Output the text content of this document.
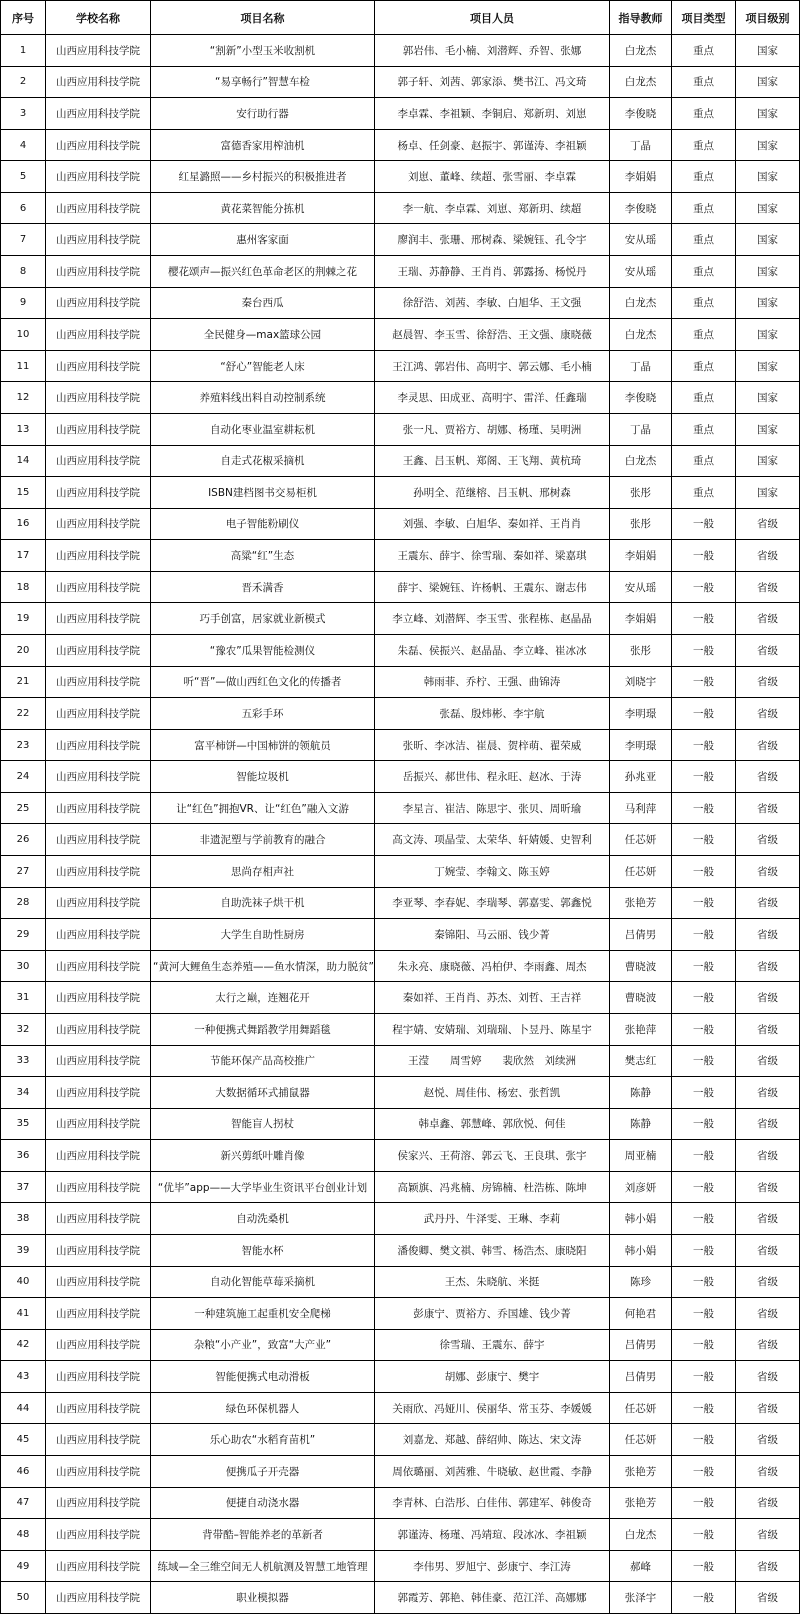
序号	学校名称	项目名称	项目人员	指导教师	项目类型	项目级别
1	山西应用科技学院	“割新”小型玉米收割机	郭岩伟、毛小楠、刘潜辉、乔智、张娜	白龙杰	重点	国家
2	山西应用科技学院	“易享畅行”智慧车检	郭子轩、刘茜、郭家添、樊书江、冯文琦	白龙杰	重点	国家
3	山西应用科技学院	安行助行器	李卓霖、李祖颖、李铜启、郑新玥、刘崽	李俊晓	重点	国家
4	山西应用科技学院	富德香家用榨油机	杨卓、任剑豪、赵振宇、郭谨涛、李祖颖	丁晶	重点	国家
5	山西应用科技学院	红星潞照——乡村振兴的积极推进者	刘崽、董峰、续超、张雪丽、李卓霖	李娟娟	重点	国家
6	山西应用科技学院	黄花菜智能分拣机	李一航、李卓霖、刘崽、郑新玥、续超	李俊晓	重点	国家
7	山西应用科技学院	惠州客家面	廖润丰、张珊、邢树森、梁婉钰、孔令宇	安从瑶	重点	国家
8	山西应用科技学院	樱花颂声—振兴红色革命老区的荆棘之花	王瑞、苏静静、王肖肖、郭露扬、杨悦丹	安从瑶	重点	国家
9	山西应用科技学院	秦台西瓜	徐舒浩、刘茜、李敏、白旭华、王文强	白龙杰	重点	国家
10	山西应用科技学院	全民健身—max篮球公园	赵晨智、李玉雪、徐舒浩、王文强、康晓薇	白龙杰	重点	国家
11	山西应用科技学院	“舒心”智能老人床	王江鸿、郭岩伟、高明宇、郭云娜、毛小楠	丁晶	重点	国家
12	山西应用科技学院	养殖料线出料自动控制系统	李灵思、田成亚、高明宇、雷洋、任鑫瑞	李俊晓	重点	国家
13	山西应用科技学院	自动化枣业温室耕耘机	张一凡、贾裕方、胡娜、杨瑾、吴明洲	丁晶	重点	国家
14	山西应用科技学院	自走式花椒采摘机	王鑫、吕玉帆、郑阁、王飞翔、黄杭琦	白龙杰	重点	国家
15	山西应用科技学院	ISBN建档图书交易柜机	孙明全、范继榕、吕玉帆、邢树森	张彤	重点	国家
16	山西应用科技学院	电子智能粉刷仪	刘强、李敏、白旭华、秦如祥、王肖肖	张彤	一般	省级
17	山西应用科技学院	高粱“红”生态	王震东、薛宇、徐雪瑞、秦如祥、梁嘉琪	李娟娟	一般	省级
18	山西应用科技学院	晋禾满香	薛宇、梁婉钰、许杨帆、王震东、谢志伟	安从瑶	一般	省级
19	山西应用科技学院	巧手创富，居家就业新模式	李立峰、刘潜辉、李玉雪、张程栋、赵晶晶	李娟娟	一般	省级
20	山西应用科技学院	“豫农”瓜果智能检测仪	朱磊、侯振兴、赵晶晶、李立峰、崔冰冰	张彤	一般	省级
21	山西应用科技学院	听“晋”—做山西红色文化的传播者	韩雨菲、乔柠、王强、曲锦涛	刘晓宇	一般	省级
22	山西应用科技学院	五彩手环	张磊、殷炜彬、李宇航	李明璟	一般	省级
23	山西应用科技学院	富平柿饼—中国柿饼的领航员	张昕、李冰洁、崔晨、贺梓萌、翟荣威	李明璟	一般	省级
24	山西应用科技学院	智能垃圾机	岳振兴、郝世伟、程永旺、赵冰、于涛	孙兆亚	一般	省级
25	山西应用科技学院	让“红色”拥抱VR、让“红色”融入文游	李星言、崔洁、陈思宇、张贝、周昕瑜	马利萍	一般	省级
26	山西应用科技学院	非遗泥塑与学前教育的融合	高文涛、项晶莹、太荣华、轩婧媛、史智利	任芯妍	一般	省级
27	山西应用科技学院	思尚存相声社	丁婉莹、李翰文、陈玉婷	任芯妍	一般	省级
28	山西应用科技学院	自助洗袜子烘干机	李亚琴、李春妮、李瑞琴、郭嘉雯、郭鑫悦	张艳芳	一般	省级
29	山西应用科技学院	大学生自助性厨房	秦锦阳、马云丽、钱少菁	吕倩男	一般	省级
30	山西应用科技学院	“黄河大鲤鱼生态养殖——鱼水情深，助力脱贫”	朱永亮、康晓薇、冯柏伊、李雨鑫、周杰	曹晓波	一般	省级
31	山西应用科技学院	太行之巅，连翘花开	秦如祥、王肖肖、苏杰、刘哲、王吉祥	曹晓波	一般	省级
32	山西应用科技学院	一种便携式舞蹈教学用舞蹈毯	程宇婧、安婧瑞、刘瑞瑞、卜昱丹、陈星宇	张艳萍	一般	省级
33	山西应用科技学院	节能环保产品高校推广	王滢　　周雪婷　　裴欣然　刘续洲	樊志红	一般	省级
34	山西应用科技学院	大数据循环式捕鼠器	赵悦、周佳伟、杨宏、张哲凯	陈静	一般	省级
35	山西应用科技学院	智能盲人拐杖	韩卓鑫、郭慧峰、郭欣悦、何佳	陈静	一般	省级
36	山西应用科技学院	新兴剪纸叶雕肖像	侯家兴、王荷溶、郭云飞、王良琪、张宇	周亚楠	一般	省级
37	山西应用科技学院	“优毕”app——大学毕业生资讯平台创业计划	高颖旗、冯兆楠、房锦楠、杜浩栋、陈坤	刘彦妍	一般	省级
38	山西应用科技学院	自动洗桑机	武丹丹、牛泽雯、王琳、李莉	韩小娟	一般	省级
39	山西应用科技学院	智能水杯	潘俊卿、樊文祺、韩雪、杨浩杰、康晓阳	韩小娟	一般	省级
40	山西应用科技学院	自动化智能草莓采摘机	王杰、朱晓航、米挺	陈珍	一般	省级
41	山西应用科技学院	一种建筑施工起重机安全爬梯	彭康宁、贾裕方、乔国雄、钱少菁	何艳君	一般	省级
42	山西应用科技学院	杂粮“小产业”，致富“大产业”	徐雪瑞、王震东、薛宇	吕倩男	一般	省级
43	山西应用科技学院	智能便携式电动滑板	胡娜、彭康宁、樊宇	吕倩男	一般	省级
44	山西应用科技学院	绿色环保机器人	关雨欣、冯娅川、侯丽华、常玉芬、李媛媛	任芯妍	一般	省级
45	山西应用科技学院	乐心助农“水稻育苗机”	刘嘉龙、郑越、薛绍帅、陈达、宋文涛	任芯妍	一般	省级
46	山西应用科技学院	便携瓜子开壳器	周依璐丽、刘茜雅、牛晓敏、赵世霞、李静	张艳芳	一般	省级
47	山西应用科技学院	便捷自动浇水器	李青林、白浩彤、白佳伟、郭建军、韩俊奇	张艳芳	一般	省级
48	山西应用科技学院	背带酷–智能养老的革新者	郭谨涛、杨瑾、冯靖瑄、段冰冰、李祖颖	白龙杰	一般	省级
49	山西应用科技学院	练域—全三维空间无人机航测及智慧工地管理	李伟男、罗旭宁、彭康宁、李江涛	郝峰	一般	省级
50	山西应用科技学院	职业模拟器	郭霞芳、郭艳、韩佳豪、范江洋、高娜娜	张泽宇	一般	省级
